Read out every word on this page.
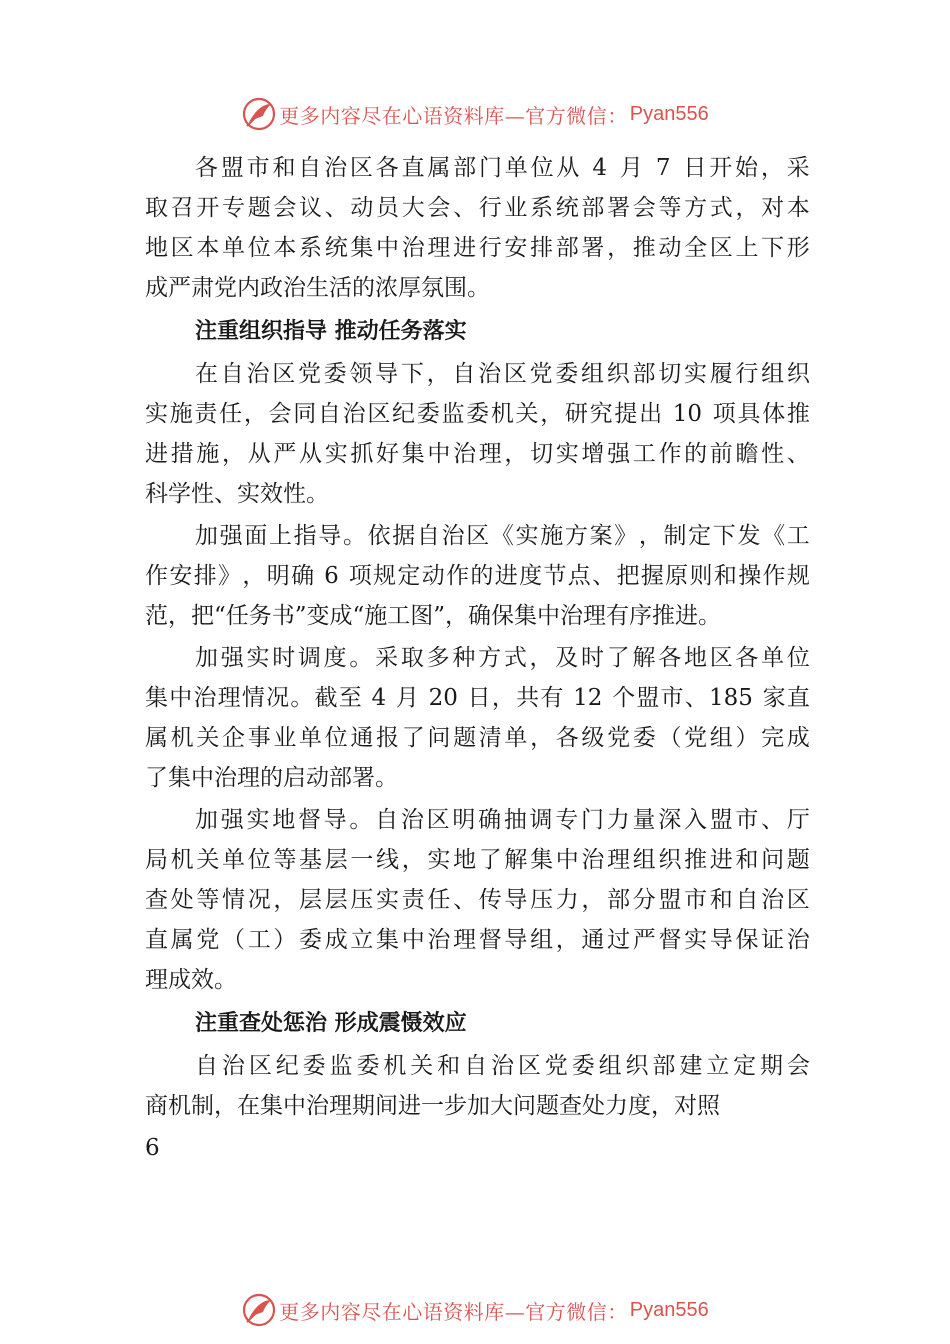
更多内容尽在心语资料库—官方微信： Pyan556
各 盟 市 和 自 治 区 各 直 属 部 门 单 位 从
4
月
7
日 开 始 ， 采
取 召 开 专 题 会 议 、 动 员 大 会 、 行 业 系 统 部 署 会 等 方 式 ， 对 本
地 区 本 单 位 本 系 统 集 中 治 理 进 行 安 排 部 署 ， 推 动 全 区 上 下 形
成严肃党内政治生活的浓厚氛围。
注重组织指导 推动任务落实
在 自 治 区 党 委 领 导 下 ， 自 治 区 党 委 组 织 部 切 实 履 行 组 织
实 施 责 任 ， 会 同 自 治 区 纪 委 监 委 机 关 ， 研 究 提 出
10
项 具 体 推
进 措 施 ， 从 严 从 实 抓 好 集 中 治 理 ， 切 实 增 强 工 作 的 前 瞻 性 、
科学性、实效性。
加 强 面 上 指 导 。 依 据 自 治 区 《 实 施 方 案 》 ， 制 定 下 发 《 工
作 安 排 》 ， 明 确
6
项 规 定 动 作 的 进 度 节 点 、 把 握 原 则 和 操 作 规
范，把“任务书”变成“施工图”，确保集中治理有序推进。
加 强 实 时 调 度 。 采 取 多 种 方 式 ， 及 时 了 解 各 地 区 各 单 位
集 中 治 理 情 况 。 截 至
4
月
20
日 ， 共 有
12
个 盟 市 、 185
家 直
属 机 关 企 事 业 单 位 通 报 了 问 题 清 单 ， 各 级 党 委 （ 党 组 ） 完 成
了集中治理的启动部署。
加 强 实 地 督 导 。 自 治 区 明 确 抽 调 专 门 力 量 深 入 盟 市 、 厅
局 机 关 单 位 等 基 层 一 线 ， 实 地 了 解 集 中 治 理 组 织 推 进 和 问 题
查 处 等 情 况 ， 层 层 压 实 责 任 、 传 导 压 力 ， 部 分 盟 市 和 自 治 区
直 属 党 （ 工 ） 委 成 立 集 中 治 理 督 导 组 ， 通 过 严 督 实 导 保 证 治
理成效。
注重查处惩治 形成震慑效应
自 治 区 纪 委 监 委 机 关 和 自 治 区 党 委 组 织 部 建 立 定 期 会
商机制，在集中治理期间进一步加大问题查处力度，对照
6
更多内容尽在心语资料库—官方微信： Pyan556
